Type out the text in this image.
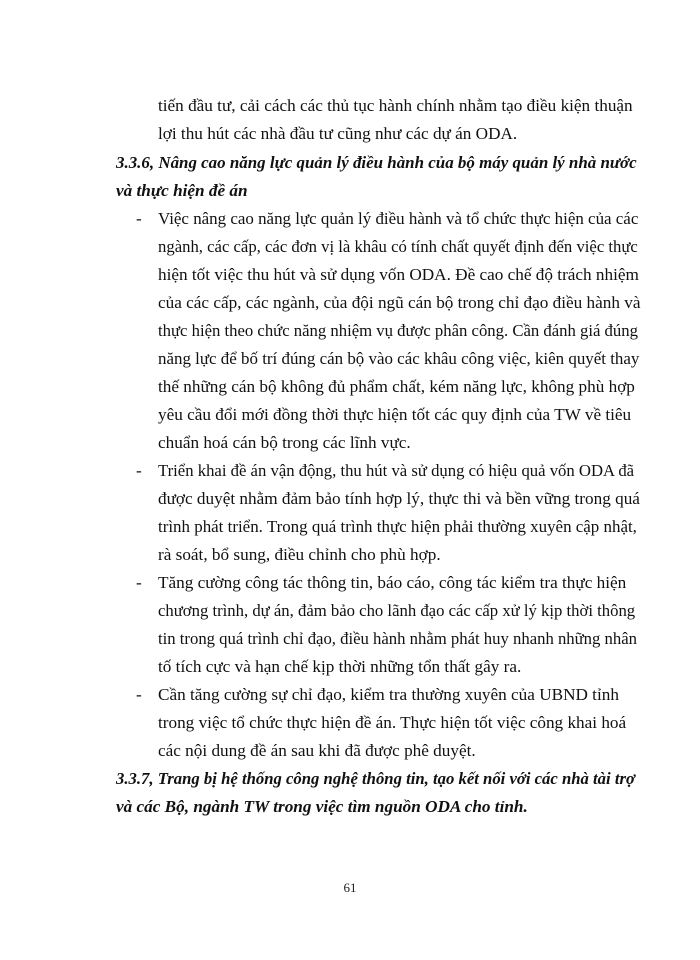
tiến đầu tư, cải cách các thủ tục hành chính nhằm tạo điều kiện thuận
lợi thu hút các nhà đầu tư cũng như các dự án ODA.
3.3.6, Nâng cao năng lực quản lý điều hành của bộ máy quản lý nhà nước
và thực hiện đề án
- Việc nâng cao năng lực quản lý điều hành và tổ chức thực hiện của các
ngành, các cấp, các đơn vị là khâu có tính chất quyết định đến việc thực
hiện tốt việc thu hút và sử dụng vốn ODA. Đề cao chế độ trách nhiệm
của các cấp, các ngành, của đội ngũ cán bộ trong chỉ đạo điều hành và
thực hiện theo chức năng nhiệm vụ được phân công. Cần đánh giá đúng
năng lực để bố trí đúng cán bộ vào các khâu công việc, kiên quyết thay
thế những cán bộ không đủ phẩm chất, kém năng lực, không phù hợp
yêu cầu đổi mới đồng thời thực hiện tốt các quy định của TW về tiêu
chuẩn hoá cán bộ trong các lĩnh vực.
- Triển khai đề án vận động, thu hút và sử dụng có hiệu quả vốn ODA đã
được duyệt nhằm đảm bảo tính hợp lý, thực thi và bền vững trong quá
trình phát triển. Trong quá trình thực hiện phải thường xuyên cập nhật,
rà soát, bổ sung, điều chỉnh cho phù hợp.
- Tăng cường công tác thông tin, báo cáo, công tác kiểm tra thực hiện
chương trình, dự án, đảm bảo cho lãnh đạo các cấp xử lý kịp thời thông
tin trong quá trình chỉ đạo, điều hành nhằm phát huy nhanh những nhân
tố tích cực và hạn chế kịp thời những tổn thất gây ra.
- Cần tăng cường sự chỉ đạo, kiểm tra thường xuyên của UBND tỉnh
trong việc tổ chức thực hiện đề án. Thực hiện tốt việc công khai hoá
các nội dung đề án sau khi đã được phê duyệt.
3.3.7, Trang bị hệ thống công nghệ thông tin, tạo kết nối với các nhà tài trợ
và các Bộ, ngành TW trong việc tìm nguồn ODA cho tỉnh.
61
